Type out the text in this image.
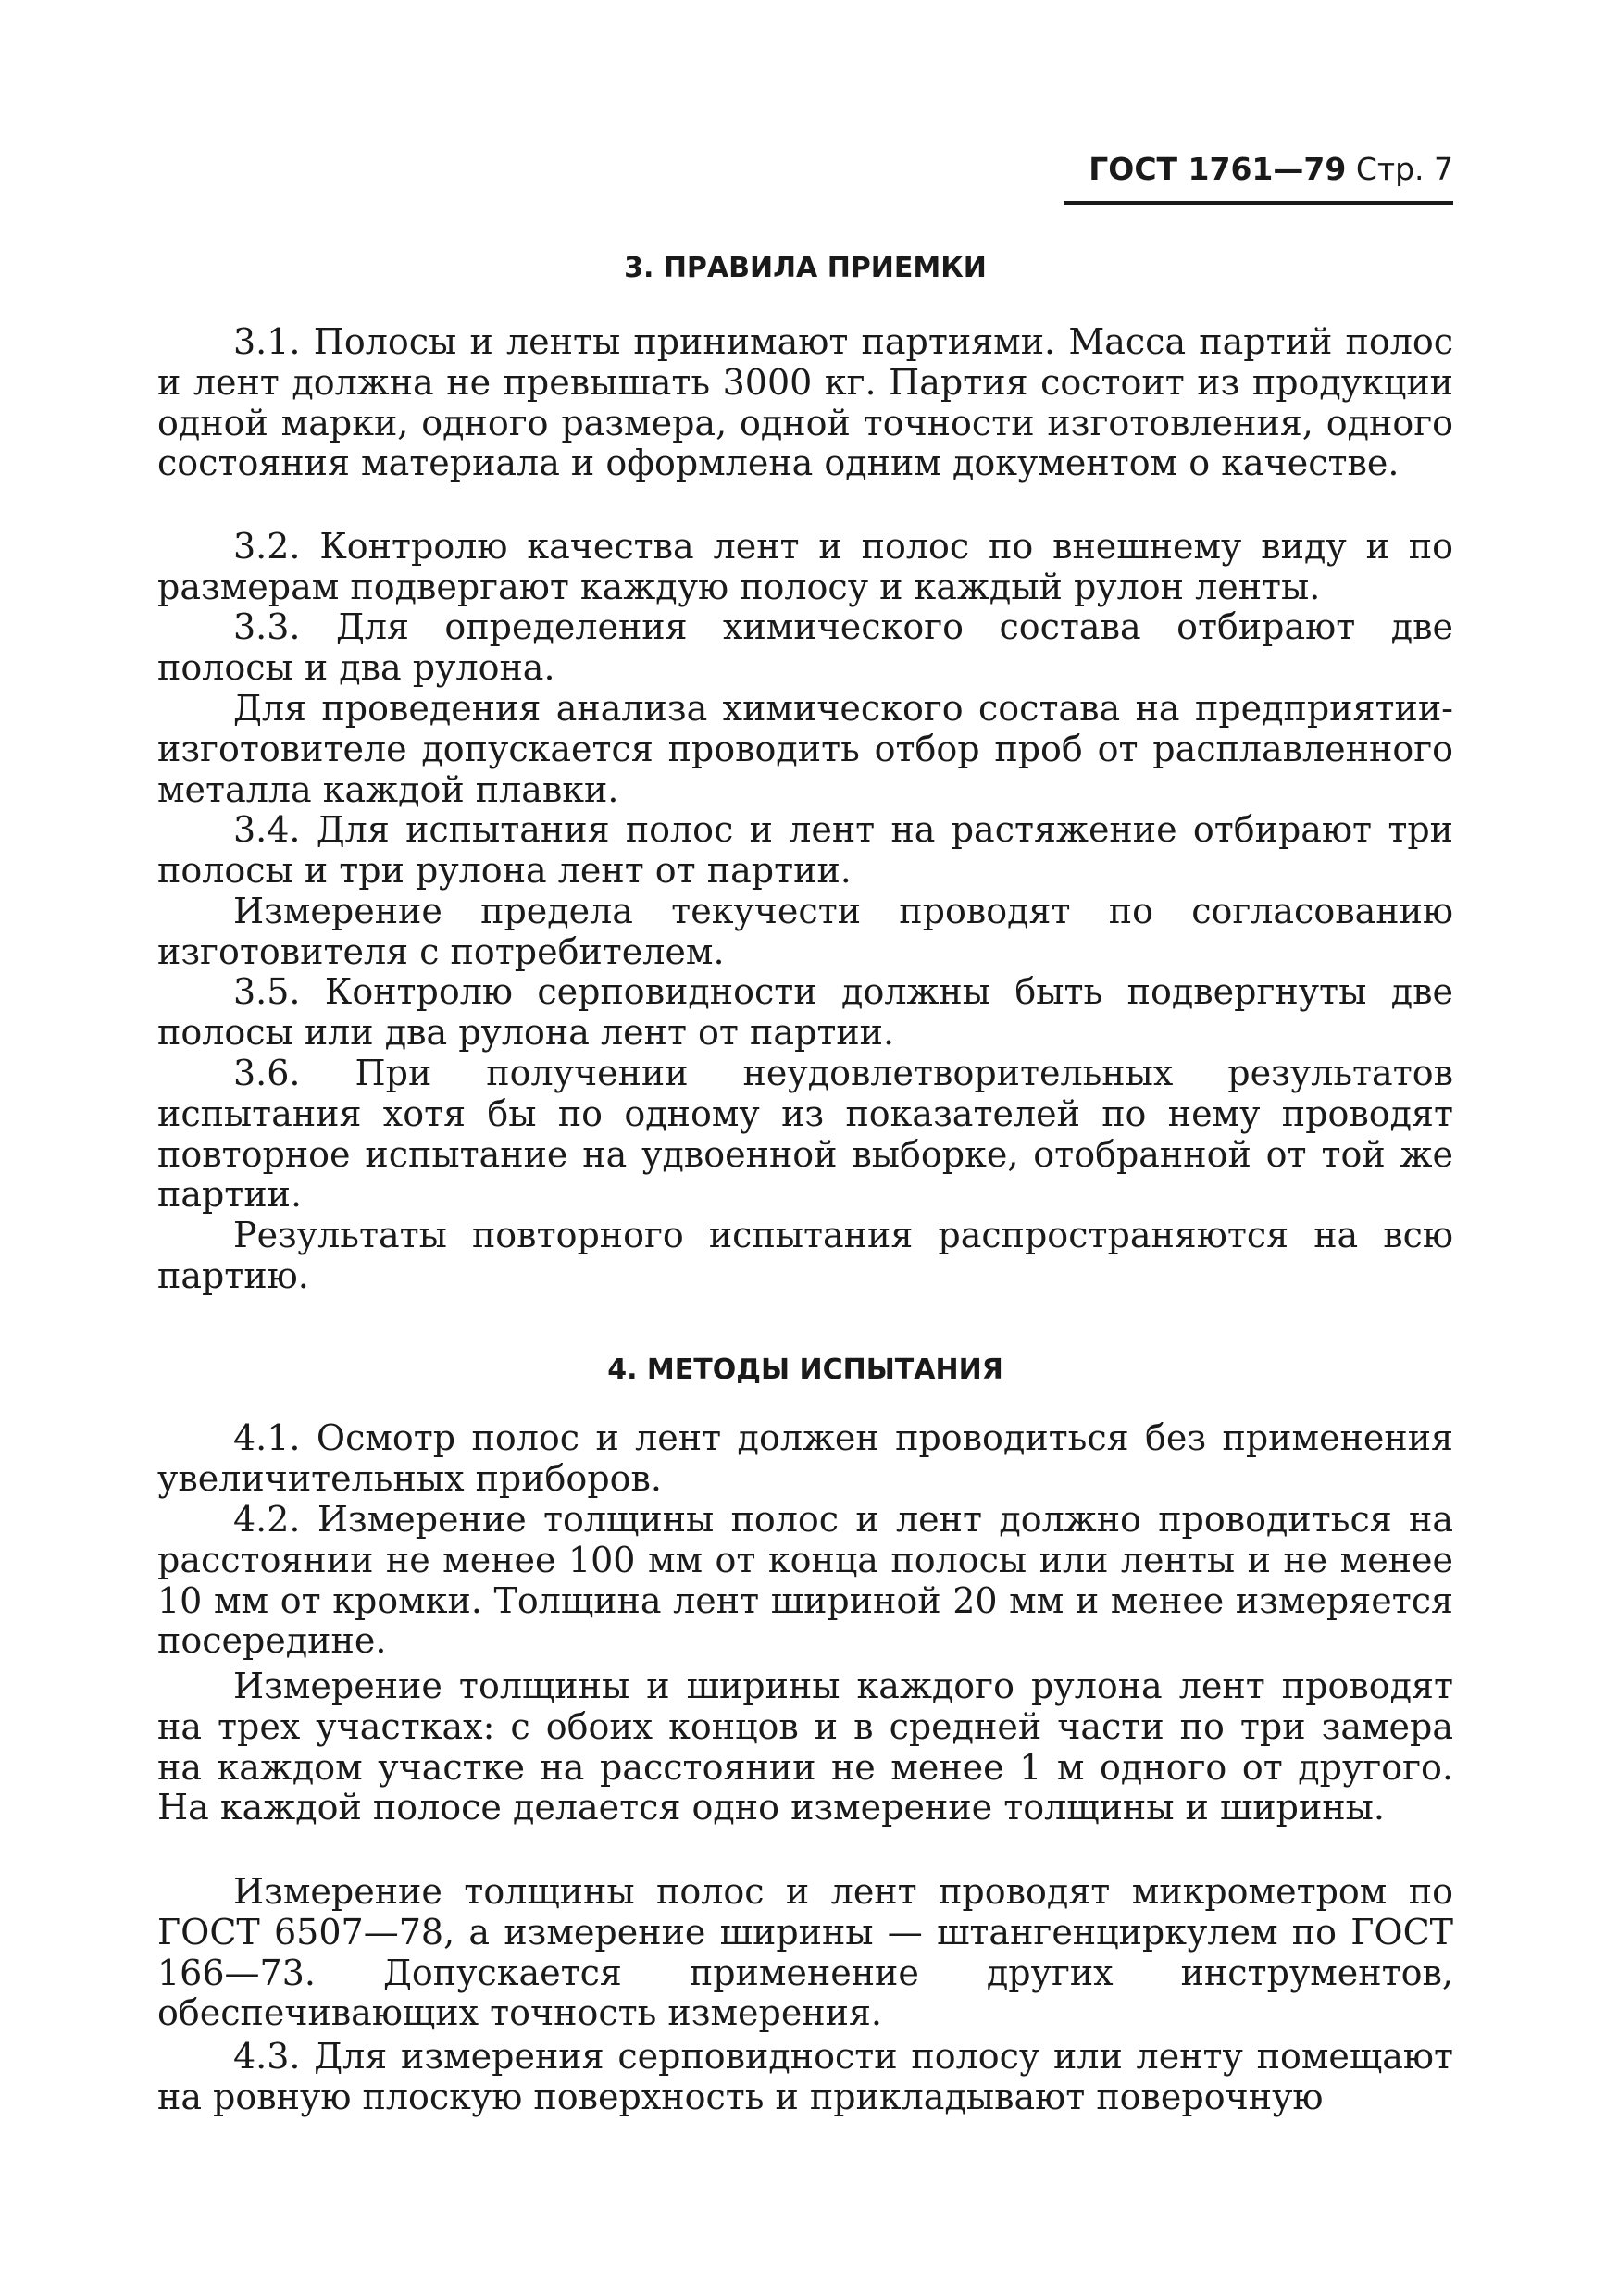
ГОСТ 1761—79 Стр. 7
3. ПРАВИЛА ПРИЕМКИ

3.1. Полосы и ленты принимают партиями. Масса партий полос и лент должна не превышать 3000 кг. Партия состоит из продукции одной марки, одного размера, одной точности изготовления, одного состояния материала и оформлена одним документом о качестве.

3.2. Контролю качества лент и полос по внешнему виду и по размерам подвергают каждую полосу и каждый рулон ленты.

3.3. Для определения химического состава отбирают две полосы и два рулона.

Для проведения анализа химического состава на предприятии-изготовителе допускается проводить отбор проб от расплавленного металла каждой плавки.

3.4. Для испытания полос и лент на растяжение отбирают три полосы и три рулона лент от партии.

Измерение предела текучести проводят по согласованию изготовителя с потребителем.

3.5. Контролю серповидности должны быть подвергнуты две полосы или два рулона лент от партии.

3.6. При получении неудовлетворительных результатов испытания хотя бы по одному из показателей по нему проводят повторное испытание на удвоенной выборке, отобранной от той же партии.

Результаты повторного испытания распространяются на всю партию.

4. МЕТОДЫ ИСПЫТАНИЯ

4.1. Осмотр полос и лент должен проводиться без применения увеличительных приборов.

4.2. Измерение толщины полос и лент должно проводиться на расстоянии не менее 100 мм от конца полосы или ленты и не менее 10 мм от кромки. Толщина лент шириной 20 мм и менее измеряется посередине.

Измерение толщины и ширины каждого рулона лент проводят на трех участках: с обоих концов и в средней части по три замера на каждом участке на расстоянии не менее 1 м одного от другого. На каждой полосе делается одно измерение толщины и ширины.

Измерение толщины полос и лент проводят микрометром по ГОСТ 6507—78, а измерение ширины — штангенциркулем по ГОСТ 166—73. Допускается применение других инструментов, обеспечивающих точность измерения.

4.3. Для измерения серповидности полосу или ленту помещают на ровную плоскую поверхность и прикладывают поверочную
